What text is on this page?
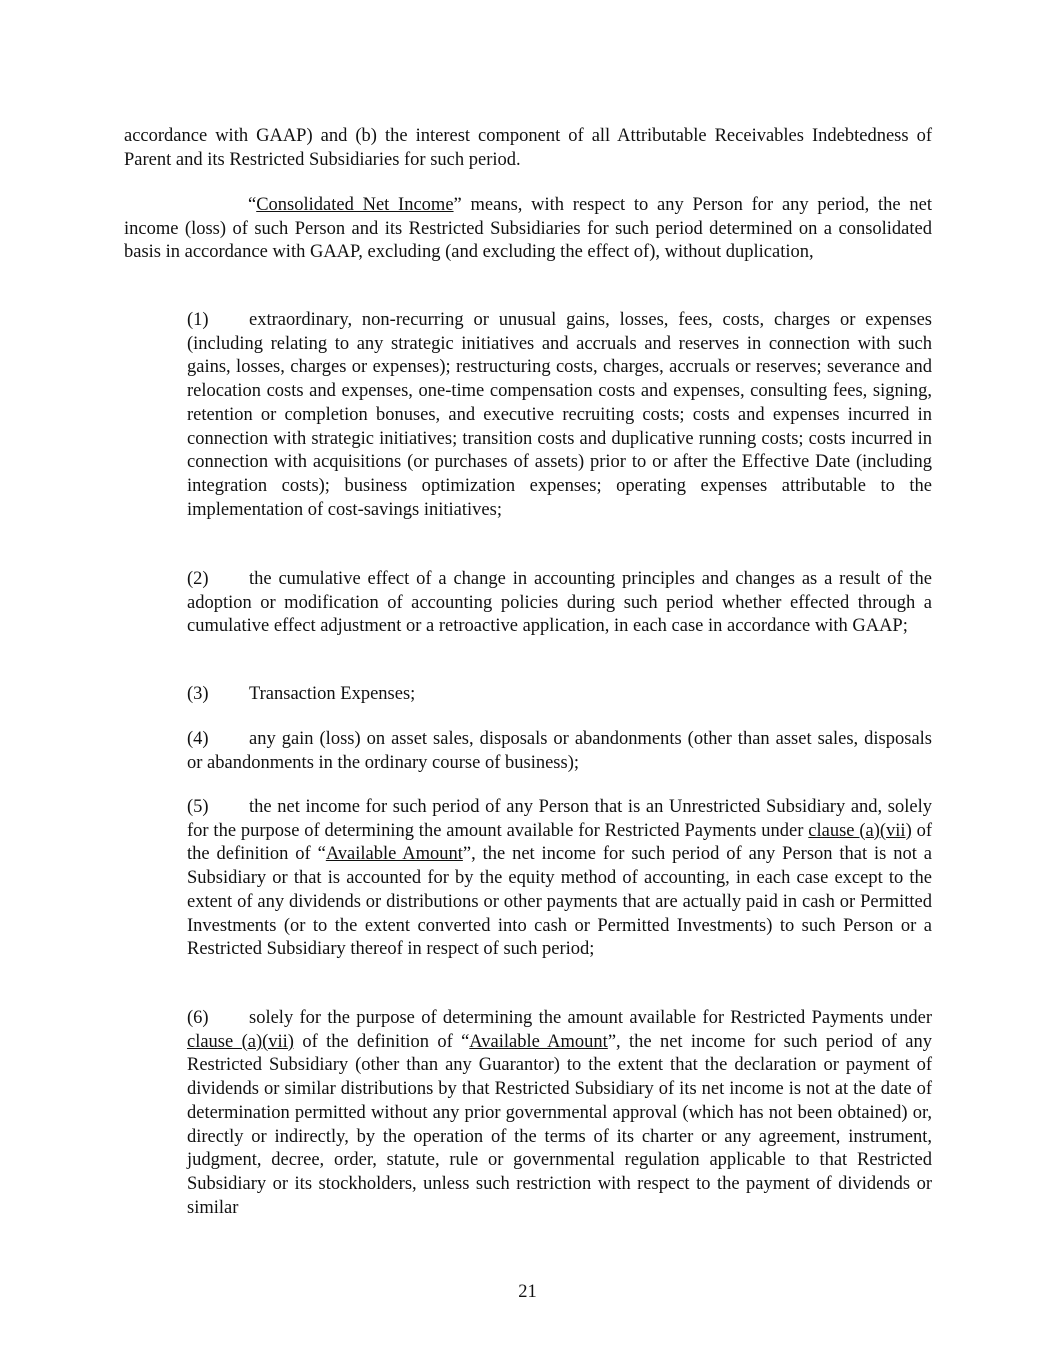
accordance with GAAP) and (b) the interest component of all Attributable Receivables Indebtedness of Parent and its Restricted Subsidiaries for such period.

“Consolidated Net Income” means, with respect to any Person for any period, the net income (loss) of such Person and its Restricted Subsidiaries for such period determined on a consolidated basis in accordance with GAAP, excluding (and excluding the effect of), without duplication,

(1) extraordinary, non-recurring or unusual gains, losses, fees, costs, charges or expenses (including relating to any strategic initiatives and accruals and reserves in connection with such gains, losses, charges or expenses); restructuring costs, charges, accruals or reserves; severance and relocation costs and expenses, one-time compensation costs and expenses, consulting fees, signing, retention or completion bonuses, and executive recruiting costs; costs and expenses incurred in connection with strategic initiatives; transition costs and duplicative running costs; costs incurred in connection with acquisitions (or purchases of assets) prior to or after the Effective Date (including integration costs); business optimization expenses; operating expenses attributable to the implementation of cost-savings initiatives;

(2) the cumulative effect of a change in accounting principles and changes as a result of the adoption or modification of accounting policies during such period whether effected through a cumulative effect adjustment or a retroactive application, in each case in accordance with GAAP;

(3) Transaction Expenses;

(4) any gain (loss) on asset sales, disposals or abandonments (other than asset sales, disposals or abandonments in the ordinary course of business);

(5) the net income for such period of any Person that is an Unrestricted Subsidiary and, solely for the purpose of determining the amount available for Restricted Payments under clause (a)(vii) of the definition of “Available Amount”, the net income for such period of any Person that is not a Subsidiary or that is accounted for by the equity method of accounting, in each case except to the extent of any dividends or distributions or other payments that are actually paid in cash or Permitted Investments (or to the extent converted into cash or Permitted Investments) to such Person or a Restricted Subsidiary thereof in respect of such period;

(6) solely for the purpose of determining the amount available for Restricted Payments under clause (a)(vii) of the definition of “Available Amount”, the net income for such period of any Restricted Subsidiary (other than any Guarantor) to the extent that the declaration or payment of dividends or similar distributions by that Restricted Subsidiary of its net income is not at the date of determination permitted without any prior governmental approval (which has not been obtained) or, directly or indirectly, by the operation of the terms of its charter or any agreement, instrument, judgment, decree, order, statute, rule or governmental regulation applicable to that Restricted Subsidiary or its stockholders, unless such restriction with respect to the payment of dividends or similar

21
